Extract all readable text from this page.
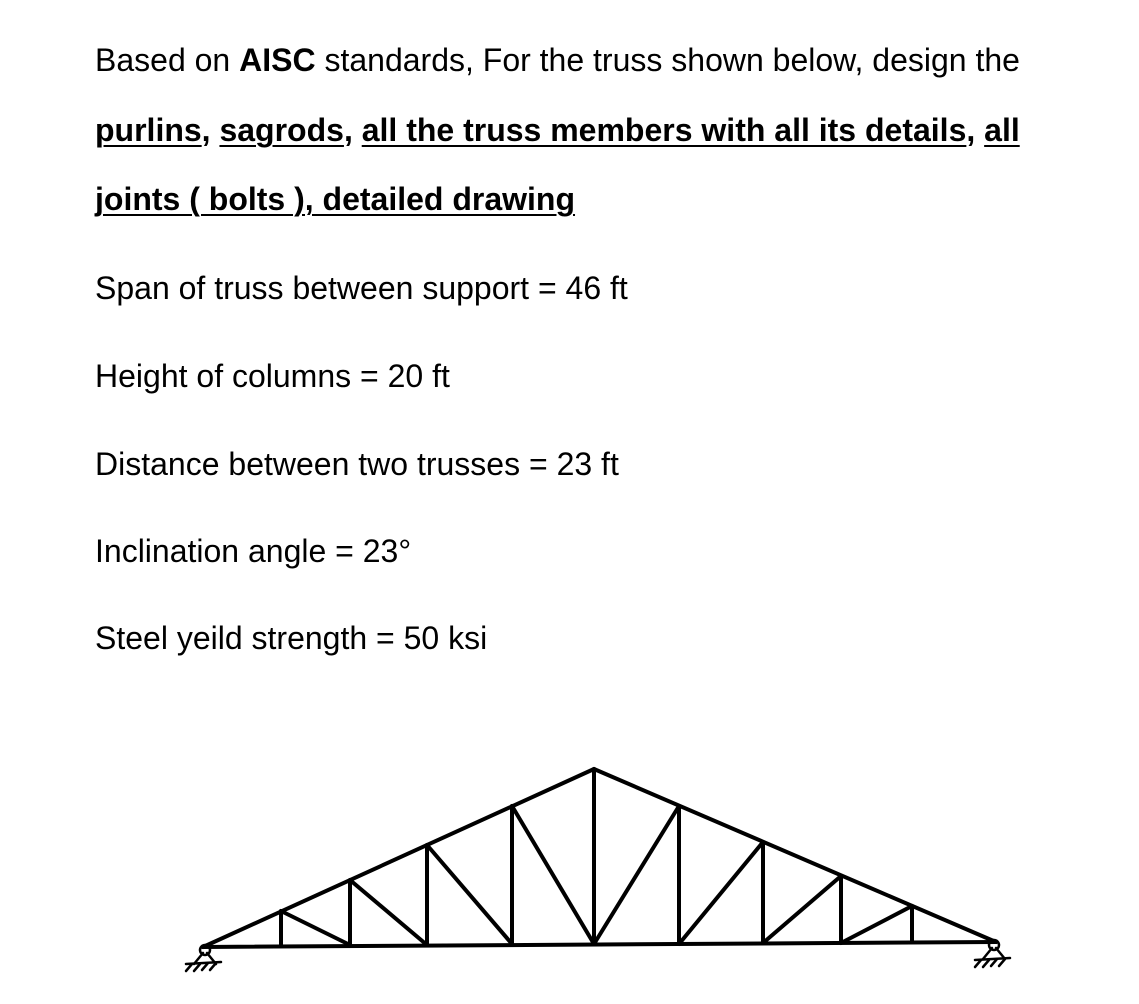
Based on AISC standards, For the truss shown below, design the

purlins, sagrods, all the truss members with all its details, all

joints ( bolts ), detailed drawing

Span of truss between support = 46 ft

Height of columns = 20 ft

Distance between two trusses = 23 ft

Inclination angle = 23°

Steel yeild strength = 50 ksi
